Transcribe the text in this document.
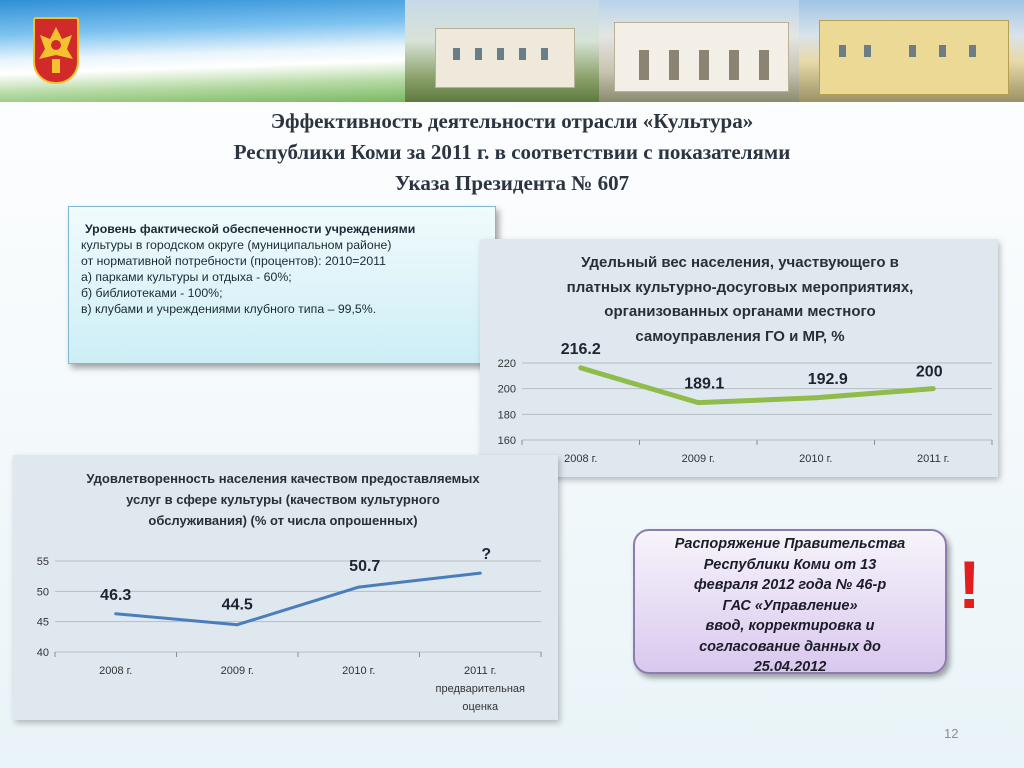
Эффективность деятельности отрасли «Культура»
Республики Коми за 2011 г. в соответствии с показателями
Указа Президента № 607
Уровень фактической обеспеченности учреждениями
культуры в городском округе (муниципальном районе)
от нормативной потребности (процентов): 2010=2011
а) парками культуры и отдыха - 60%;
б) библиотеками - 100%;
в) клубами и учреждениями клубного типа – 99,5%.
Удельный вес населения, участвующего в
платных культурно-досуговых мероприятиях,
организованных органами местного
самоуправления ГО и МР, %
160
180
200
220
2008 г.	2009 г.	2010 г.	2011 г.
216.2
189.1	192.9	200
Удовлетворенность населения качеством предоставляемых
услуг в сфере культуры (качеством культурного
обслуживания) (% от числа опрошенных)
40
45
50
55
2008 г.	2009 г.	2010 г.	2011 г.
предварительная
оценка
46.3
44.5
50.7
?
Распоряжение Правительства
Республики Коми от 13
февраля 2012 года № 46-р
ГАС «Управление»
ввод, корректировка и
согласование данных до
25.04.2012
!
12
